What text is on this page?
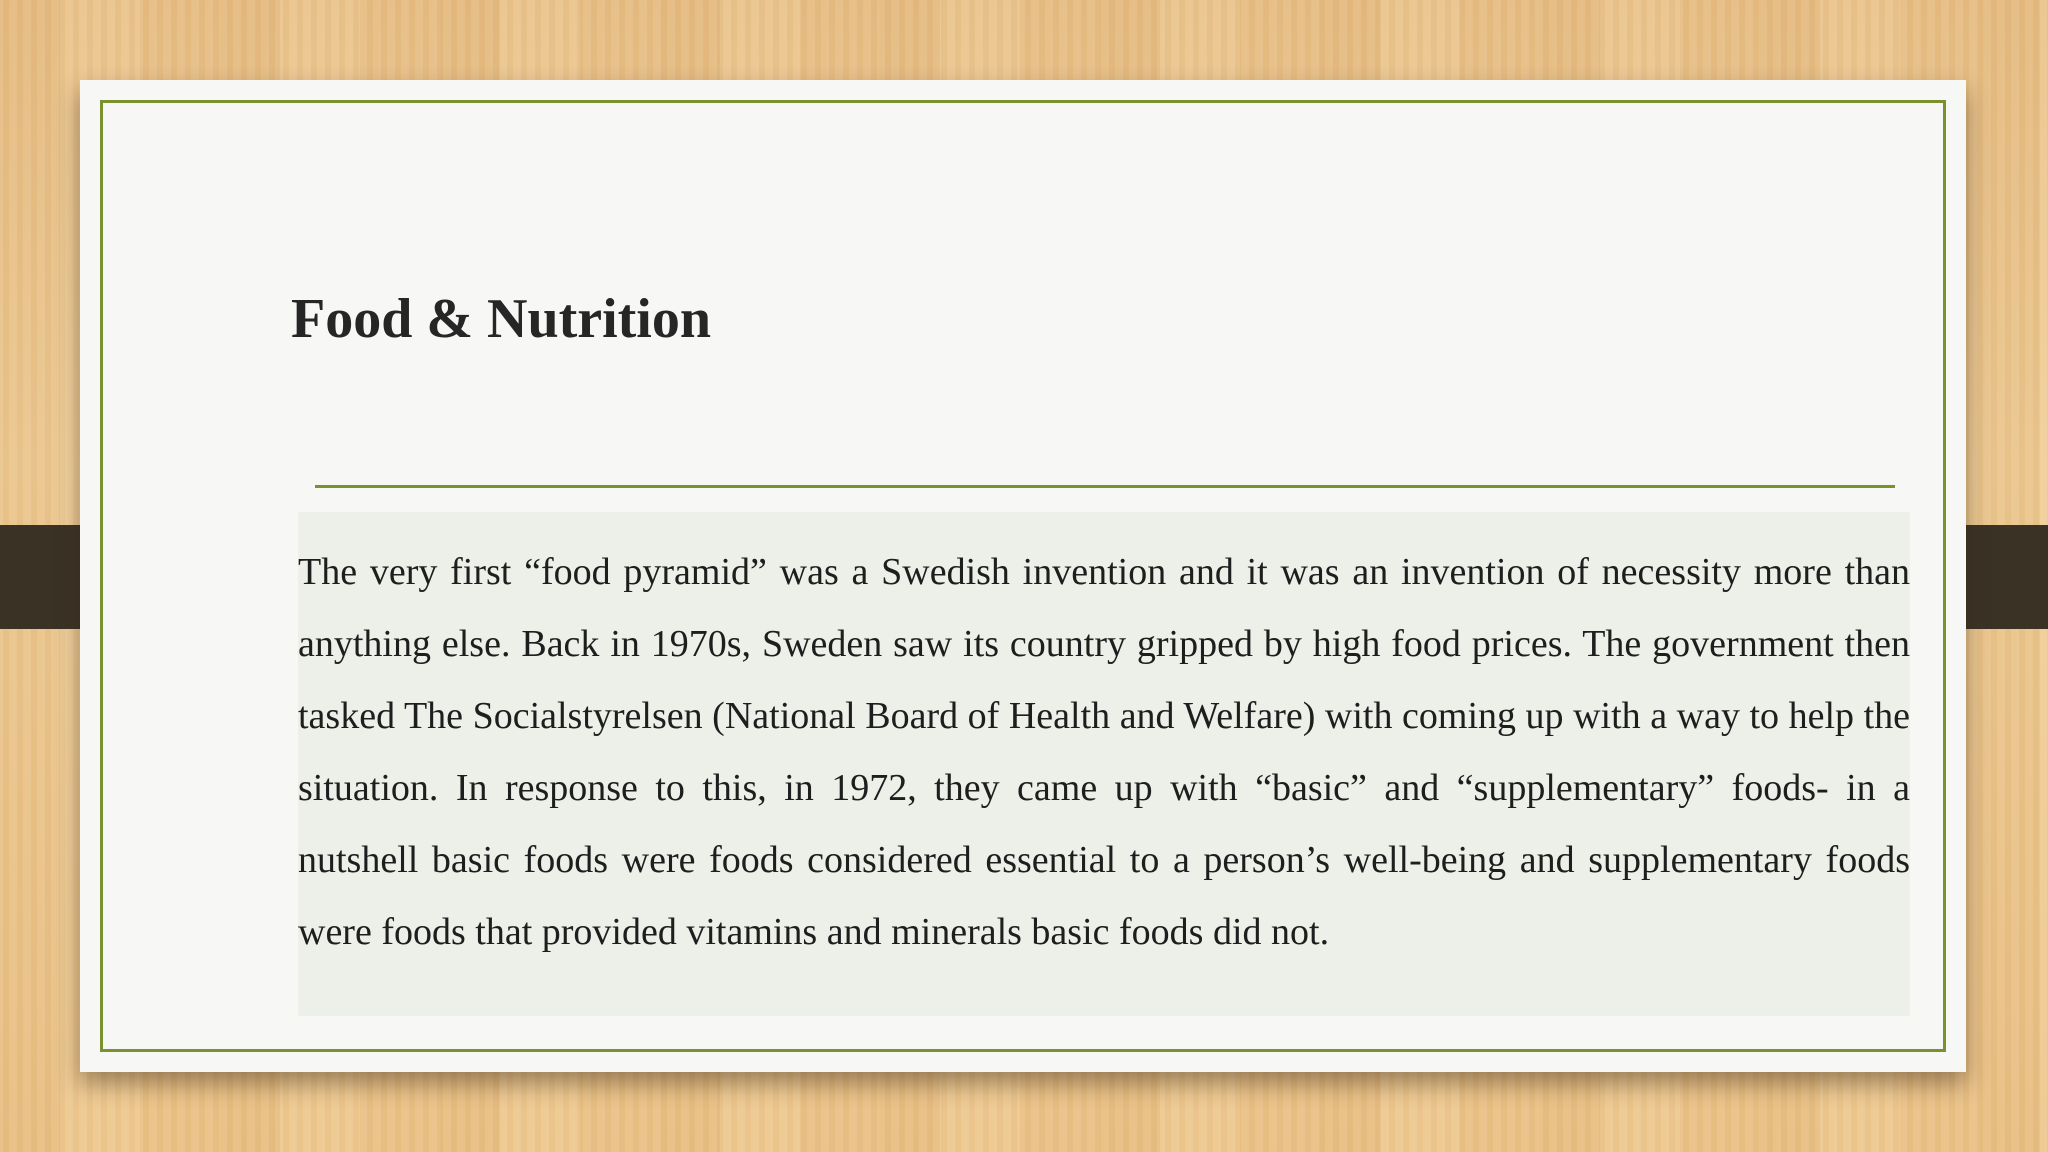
Food & Nutrition

The very first “food pyramid” was a Swedish invention and it was an invention of necessity more than anything else. Back in 1970s, Sweden saw its country gripped by high food prices. The government then tasked The Socialstyrelsen (National Board of Health and Welfare) with coming up with a way to help the situation. In response to this, in 1972, they came up with “basic” and “supplementary” foods- in a nutshell basic foods were foods considered essential to a person’s well-being and supplementary foods were foods that provided vitamins and minerals basic foods did not.
